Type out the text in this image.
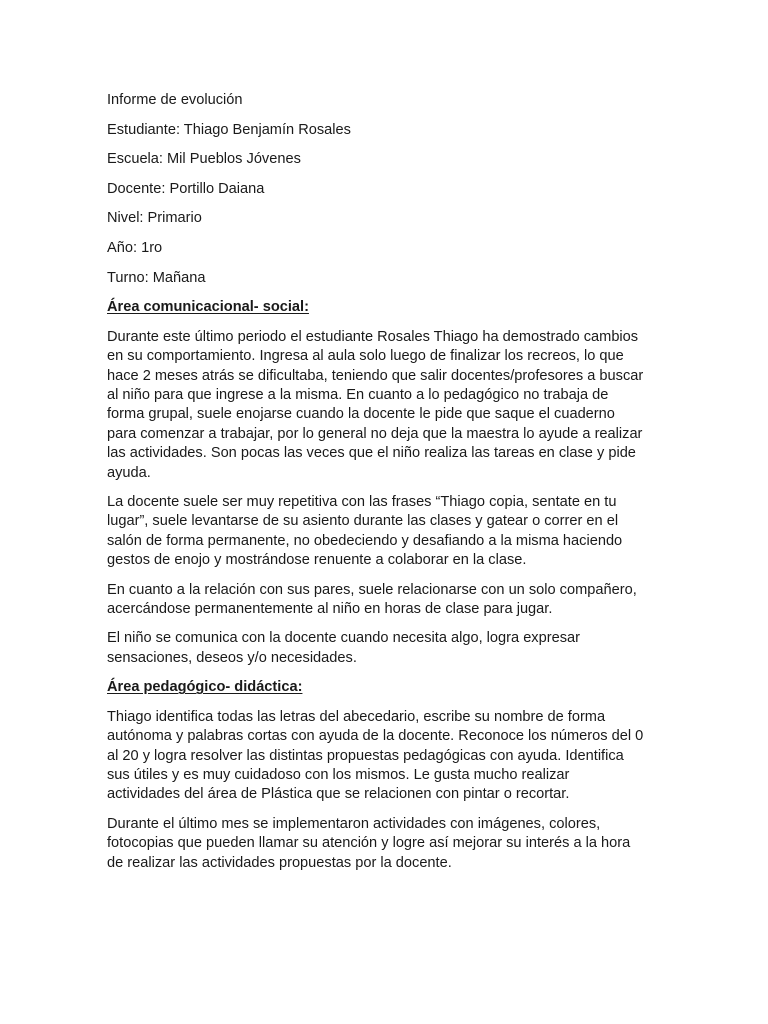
Informe de evolución

Estudiante: Thiago Benjamín Rosales

Escuela: Mil Pueblos Jóvenes

Docente: Portillo Daiana

Nivel: Primario

Año: 1ro

Turno: Mañana

Área comunicacional- social:

Durante este último periodo el estudiante Rosales Thiago ha demostrado cambios
en su comportamiento. Ingresa al aula solo luego de finalizar los recreos, lo que
hace 2 meses atrás se dificultaba, teniendo que salir docentes/profesores a buscar
al niño para que ingrese a la misma. En cuanto a lo pedagógico no trabaja de
forma grupal, suele enojarse cuando la docente le pide que saque el cuaderno
para comenzar a trabajar, por lo general no deja que la maestra lo ayude a realizar
las actividades. Son pocas las veces que el niño realiza las tareas en clase y pide
ayuda.

La docente suele ser muy repetitiva con las frases “Thiago copia, sentate en tu
lugar”, suele levantarse de su asiento durante las clases y gatear o correr en el
salón de forma permanente, no obedeciendo y desafiando a la misma haciendo
gestos de enojo y mostrándose renuente a colaborar en la clase.

En cuanto a la relación con sus pares, suele relacionarse con un solo compañero,
acercándose permanentemente al niño en horas de clase para jugar.

El niño se comunica con la docente cuando necesita algo, logra expresar
sensaciones, deseos y/o necesidades.

Área pedagógico- didáctica:

Thiago identifica todas las letras del abecedario, escribe su nombre de forma
autónoma y palabras cortas con ayuda de la docente. Reconoce los números del 0
al 20 y logra resolver las distintas propuestas pedagógicas con ayuda. Identifica
sus útiles y es muy cuidadoso con los mismos. Le gusta mucho realizar
actividades del área de Plástica que se relacionen con pintar o recortar.

Durante el último mes se implementaron actividades con imágenes, colores,
fotocopias que pueden llamar su atención y logre así mejorar su interés a la hora
de realizar las actividades propuestas por la docente.
